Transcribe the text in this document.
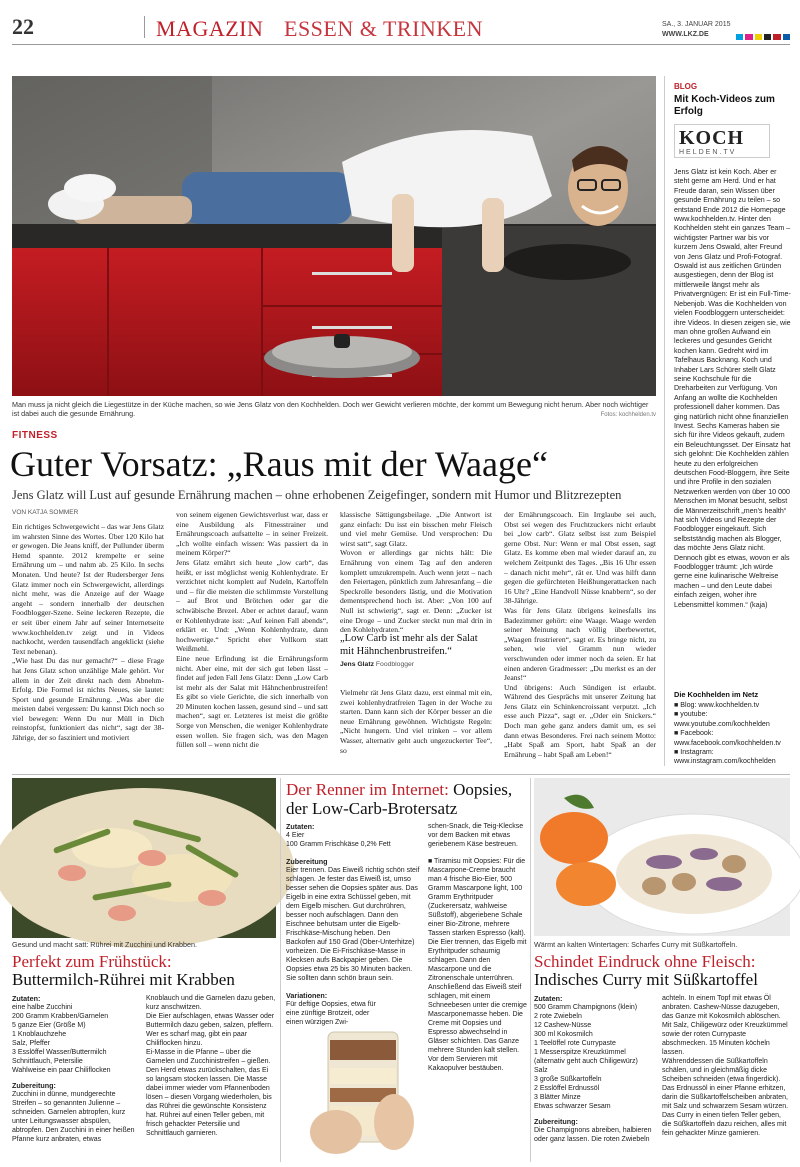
22	MAGAZIN ESSEN & TRINKEN	SA., 3. JANUAR 2015
WWW.LKZ.DE
Man muss ja nicht gleich die Liegestütze in der Küche machen, so wie Jens Glatz von den Kochhelden. Doch wer Gewicht verlieren möchte, der kommt um Bewegung nicht herum. Aber noch wichtiger ist dabei auch die gesunde Ernährung.	Fotos: kochhelden.tv
FITNESS
Guter Vorsatz: „Raus mit der Waage“
Jens Glatz will Lust auf gesunde Ernährung machen – ohne erhobenen Zeigefinger, sondern mit Humor und Blitzrezepten
VON KATJA SOMMER
Ein richtiges Schwergewicht – das war Jens Glatz im wahrsten Sinne des Wortes. Über 120 Kilo hat er gewogen. Die Jeans kniff, der Pullunder überm Hemd spannte. 2012 krempelte er seine Ernährung um – und nahm ab. 25 Kilo. In sechs Monaten. Und heute? Ist der Rudersberger Jens Glatz immer noch ein Schwergewicht, allerdings nicht mehr, was die Anzeige auf der Waage angeht – sondern innerhalb der deutschen Foodblogger-Szene. Seine leckeren Rezepte, die er seit über einem Jahr auf seiner Internetseite www.kochhelden.tv zeigt und in Videos nachkocht, werden tausendfach angeklickt (siehe Text nebenan).
„Wie hast Du das nur gemacht?“ – diese Frage hat Jens Glatz schon unzählige Male gehört. Vor allem in der Zeit direkt nach dem Abnehm-Erfolg. Die Formel ist nichts Neues, sie lautet: Sport und gesunde Ernährung. „Was aber die meisten dabei vergessen: Du kannst Dich noch so viel bewegen: Wenn Du nur Müll in Dich reinstopfst, funktioniert das nicht“, sagt der 38-Jährige, der so fasziniert und motiviert
von seinem eigenen Gewichtsverlust war, dass er eine Ausbildung als Fitnesstrainer und Ernährungscoach aufsattelte – in seiner Freizeit. „Ich wollte einfach wissen: Was passiert da in meinem Körper?“
Jens Glatz ernährt sich heute „low carb“, das heißt, er isst möglichst wenig Kohlenhydrate. Er verzichtet nicht komplett auf Nudeln, Kartoffeln und – für die meisten die schlimmste Vorstellung – auf Brot und Brötchen oder gar die schwäbische Brezel. Aber er achtet darauf, wann er Kohlenhydrate isst: „Auf keinen Fall abends“, erklärt er. Und: „Wenn Kohlenhydrate, dann hochwertige.“ Spricht eher Vollkorn statt Weißmehl.
Eine neue Erfindung ist die Ernährungsform nicht. Aber eine, mit der sich gut leben lässt – findet auf jeden Fall Jens Glatz: Denn „Low Carb ist mehr als der Salat mit Hähnchenbrustreifen! Es gibt so viele Gerichte, die sich innerhalb von 20 Minuten kochen lassen, gesund sind – und satt machen“, sagt er. Letzteres ist meist die größte Sorge von Menschen, die weniger Kohlenhydrate essen wollen. Sie fragen sich, was den Magen füllen soll – wenn nicht die
klassische Sättigungsbeilage. „Die Antwort ist ganz einfach: Du isst ein bisschen mehr Fleisch und viel mehr Gemüse. Und versprochen: Du wirst satt“, sagt Glatz.
Wovon er allerdings gar nichts hält: Die Ernährung von einem Tag auf den anderen komplett umzukrempeln. Auch wenn jetzt – nach den Feiertagen, pünktlich zum Jahresanfang – die Speckrolle besonders lästig, und die Motivation dementsprechend hoch ist. Aber: „Von 100 auf Null ist schwierig“, sagt er. Denn: „Zucker ist eine Droge – und Zucker steckt nun mal drin in den Kohlehydraten.“
„Low Carb ist mehr als der Salat mit Hähnchenbrustreifen.“
Jens Glatz Foodblogger
Vielmehr rät Jens Glatz dazu, erst einmal mit ein, zwei kohlenhydratfreien Tagen in der Woche zu starten. Dann kann sich der Körper besser an die neue Ernährung gewöhnen. Wichtigste Regeln: „Nicht hungern. Und viel trinken – vor allem Wasser, alternativ geht auch ungezuckerter Tee“, so
der Ernährungscoach. Ein Irrglaube sei auch, Obst sei wegen des Fruchtzuckers nicht erlaubt bei „low carb“. Glatz selbst isst zum Beispiel gerne Obst. Nur: Wenn er mal Obst essen, sagt Glatz. Es komme eben mal wieder darauf an, zu welchem Zeitpunkt des Tages. „Bis 16 Uhr essen – danach nicht mehr“, rät er. Und was hilft dann gegen die gefürchteten Heißhungerattacken nach 16 Uhr? „Eine Handvoll Nüsse knabbern“, so der 38-Jährige.
Was für Jens Glatz übrigens keinesfalls ins Badezimmer gehört: eine Waage. Waage werden seiner Meinung nach völlig überbewertet, „Waagen frustrieren“, sagt er. Es bringe nicht, zu sehen, wie viel Gramm nun wieder verschwunden oder immer noch da seien. Er hat einen anderen Gradmesser: „Du merkst es an der Jeans!“
Und übrigens: Auch Sündigen ist erlaubt. Während des Gesprächs mit unserer Zeitung hat Jens Glatz ein Schinkencroissant verputzt. „Ich esse auch Pizza“, sagt er. „Oder ein Snickers.“ Doch man gehe ganz anders damit um, es sei dann etwas Besonderes. Frei nach seinem Motto: „Habt Spaß am Sport, habt Spaß an der Ernährung – habt Spaß am Leben!“
BLOG
Mit Koch-Videos zum Erfolg
KOCH
HELDEN.TV
Jens Glatz ist kein Koch. Aber er steht gerne am Herd. Und er hat Freude daran, sein Wissen über gesunde Ernährung zu teilen – so entstand Ende 2012 die Homepage www.kochhelden.tv. Hinter den Kochhelden steht ein ganzes Team – wichtigster Partner war bis vor kurzem Jens Oswald, alter Freund von Jens Glatz und Profi-Fotograf. Oswald ist aus zeitlichen Gründen ausgestiegen, denn der Blog ist mittlerweile längst mehr als Privatvergnügen: Er ist ein Full-Time-Nebenjob. Was die Kochhelden von vielen Foodbloggern unterscheidet: ihre Videos. In diesen zeigen sie, wie man ohne großen Aufwand ein leckeres und gesundes Gericht kochen kann. Gedreht wird im Tafelhaus Backnang. Koch und Inhaber Lars Schürer stellt Glatz seine Kochschule für die Dreharbeiten zur Verfügung. Von Anfang an wollte die Kochhelden professionell daher kommen. Das ging natürlich nicht ohne finanziellen Invest. Sechs Kameras haben sie sich für ihre Videos gekauft, zudem ein Beleuchtungsset. Der Einsatz hat sich gelohnt: Die Kochhelden zählen heute zu den erfolgreichen deutschen Food-Bloggern, ihre Seite und ihre Profile in den sozialen Netzwerken werden von über 10 000 Menschen im Monat besucht, selbst die Männerzeitschrift „men's health“ hat sich Videos und Rezepte der Foodblogger eingekauft. Sich selbstständig machen als Blogger, das möchte Jens Glatz nicht. Dennoch gibt es etwas, wovon er als Foodblogger träumt: „Ich würde gerne eine kulinarische Weltreise machen – und den Leute dabei einfach zeigen, woher ihre Lebensmittel kommen.“ (kaja)
Die Kochhelden im Netz
■ Blog: www.kochhelden.tv
■ youtube: www.youtube.com/kochhelden
■ Facebook: www.facebook.com/kochhelden.tv
■ Instagram: www.instagram.com/kochhelden
Gesund und macht satt: Rührei mit Zucchini und Krabben.
Perfekt zum Frühstück:
Buttermilch-Rührei mit Krabben
Zutaten:
eine halbe Zucchini
200 Gramm Krabben/Garnelen
5 ganze Eier (Größe M)
1 Knoblauchzehe
Salz, Pfeffer
3 Esslöffel Wasser/Buttermilch
Schnittlauch, Petersilie
Wahlweise ein paar Chiliflocken
Zubereitung:
Zucchini in dünne, mundgerechte Streifen – so genannten Julienne – schneiden. Garnelen abtropfen, kurz unter Leitungswasser abspülen, abtropfen. Den Zucchini in einer heißen Pfanne kurz anbraten, etwas
Knoblauch und die Garnelen dazu geben, kurz anschwitzen.
Die Eier aufschlagen, etwas Wasser oder Buttermilch dazu geben, salzen, pfeffern. Wer es scharf mag, gibt ein paar Chiliflocken hinzu.
Ei-Masse in die Pfanne – über die Garnelen und Zucchinistreifen – gießen. Den Herd etwas zurückschalten, das Ei so langsam stocken lassen. Die Masse dabei immer wieder vom Pfannenboden lösen – diesen Vorgang wiederholen, bis das Rührei die gewünschte Konsistenz hat. Rührei auf einen Teller geben, mit frisch gehackter Petersilie und Schnittlauch garnieren.
Der Renner im Internet: Oopsies,
der Low-Carb-Brotersatz
Zutaten:
4 Eier
100 Gramm Frischkäse 0,2% Fett
Zubereitung
Eier trennen. Das Eiweiß richtig schön steif schlagen. Je fester das Eiweiß ist, umso besser sehen die Oopsies später aus. Das Eigelb in eine extra Schüssel geben, mit dem Eigelb mischen. Gut durchrühren, besser noch aufschlagen. Dann den Eischnee behutsam unter die Eigelb-Frischkäse-Mischung heben. Den Backofen auf 150 Grad (Ober-Unterhitze) vorheizen. Die Ei-Frischkäse-Masse in Klecksen aufs Backpapier geben. Die Oopsies etwa 25 bis 30 Minuten backen. Sie sollten dann schön braun sein.
Variationen:
Für deftige Oopsies, etwa für eine zünftige Brotzeit, oder einen würzigen Zwi-
schen-Snack, die Teig-Kleckse vor dem Backen mit etwas geriebenem Käse bestreuen.
■ Tiramisu mit Oopsies: Für die Mascarpone-Creme braucht man 4 frische Bio-Eier, 500 Gramm Mascarpone light, 100 Gramm Erythritpuder (Zuckerersatz, wahlweise Süßstoff), abgeriebene Schale einer Bio-Zitrone, mehrere Tassen starken Espresso (kalt). Die Eier trennen, das Eigelb mit Erythritpuder schaumig schlagen. Dann den Mascarpone und die Zitronenschale unterrühren. Anschließend das Eiweiß steif schlagen, mit einem Schneebesen unter die cremige Mascarponemasse heben. Die Creme mit Oopsies und Espresso abwechselnd in Gläser schichten. Das Ganze mehrere Stunden kalt stellen. Vor dem Servieren mit Kakaopulver bestäuben.
Wärmt an kalten Wintertagen: Scharfes Curry mit Süßkartoffeln.
Schindet Eindruck ohne Fleisch:
Indisches Curry mit Süßkartoffel
Zutaten:
500 Gramm Champignons (klein)
2 rote Zwiebeln
12 Cashew-Nüsse
300 ml Kokosmilch
1 Teelöffel rote Currypaste
1 Messerspitze Kreuzkümmel (alternativ geht auch Chiligewürz)
Salz
3 große Süßkartoffeln
2 Esslöffel Erdnussöl
3 Blätter Minze
Etwas schwarzer Sesam
Zubereitung:
Die Champignons abreiben, halbieren oder ganz lassen. Die roten Zwiebeln
achteln. In einem Topf mit etwas Öl anbraten. Cashew-Nüsse dazugeben, das Ganze mit Kokosmilch ablöschen. Mit Salz, Chiligewürz oder Kreuzkümmel sowie der roten Currypaste abschmecken. 15 Minuten köcheln lassen.
Währenddessen die Süßkartoffeln schälen, und in gleichmäßig dicke Scheiben schneiden (etwa fingerdick). Das Erdnussöl in einer Pfanne erhitzen, darin die Süßkartoffelscheiben anbraten, mit Salz und schwarzem Sesam würzen. Das Curry in einen tiefen Teller geben, die Süßkartoffeln dazu reichen, alles mit fein gehackter Minze garnieren.
